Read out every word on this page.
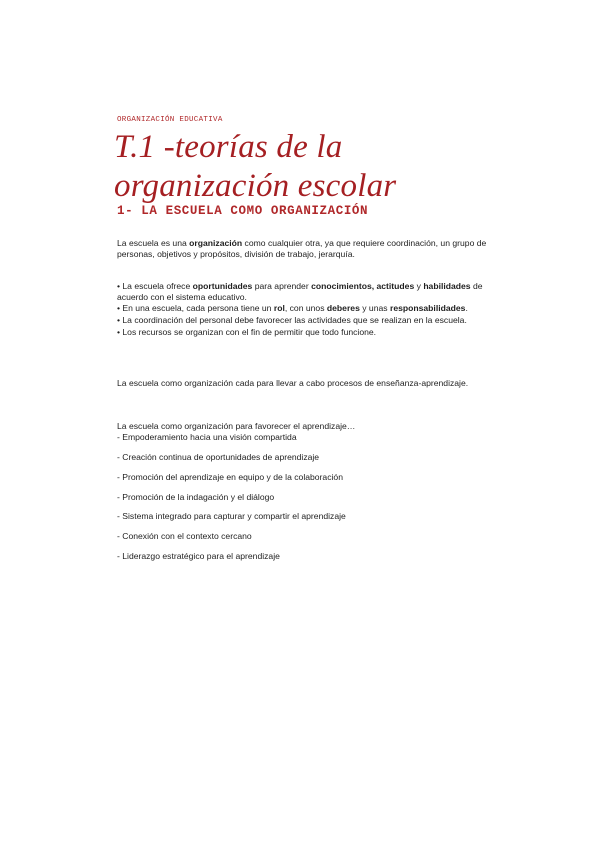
ORGANIZACIÓN EDUCATIVA
T.1 -teorías de la
organización escolar
1- LA ESCUELA COMO ORGANIZACIÓN

La escuela es una organización como cualquier otra, ya que requiere coordinación, un grupo de personas, objetivos y propósitos, división de trabajo, jerarquía.

• La escuela ofrece oportunidades para aprender conocimientos, actitudes y habilidades de acuerdo con el sistema educativo.

• En una escuela, cada persona tiene un rol, con unos deberes y unas responsabilidades.

• La coordinación del personal debe favorecer las actividades que se realizan en la escuela.

• Los recursos se organizan con el fin de permitir que todo funcione.

La escuela como organización cada para llevar a cabo procesos de enseñanza-aprendizaje.

La escuela como organización para favorecer el aprendizaje…
- Empoderamiento hacia una visión compartida
- Creación continua de oportunidades de aprendizaje
- Promoción del aprendizaje en equipo y de la colaboración
- Promoción de la indagación y el diálogo
- Sistema integrado para capturar y compartir el aprendizaje
- Conexión con el contexto cercano
- Liderazgo estratégico para el aprendizaje
